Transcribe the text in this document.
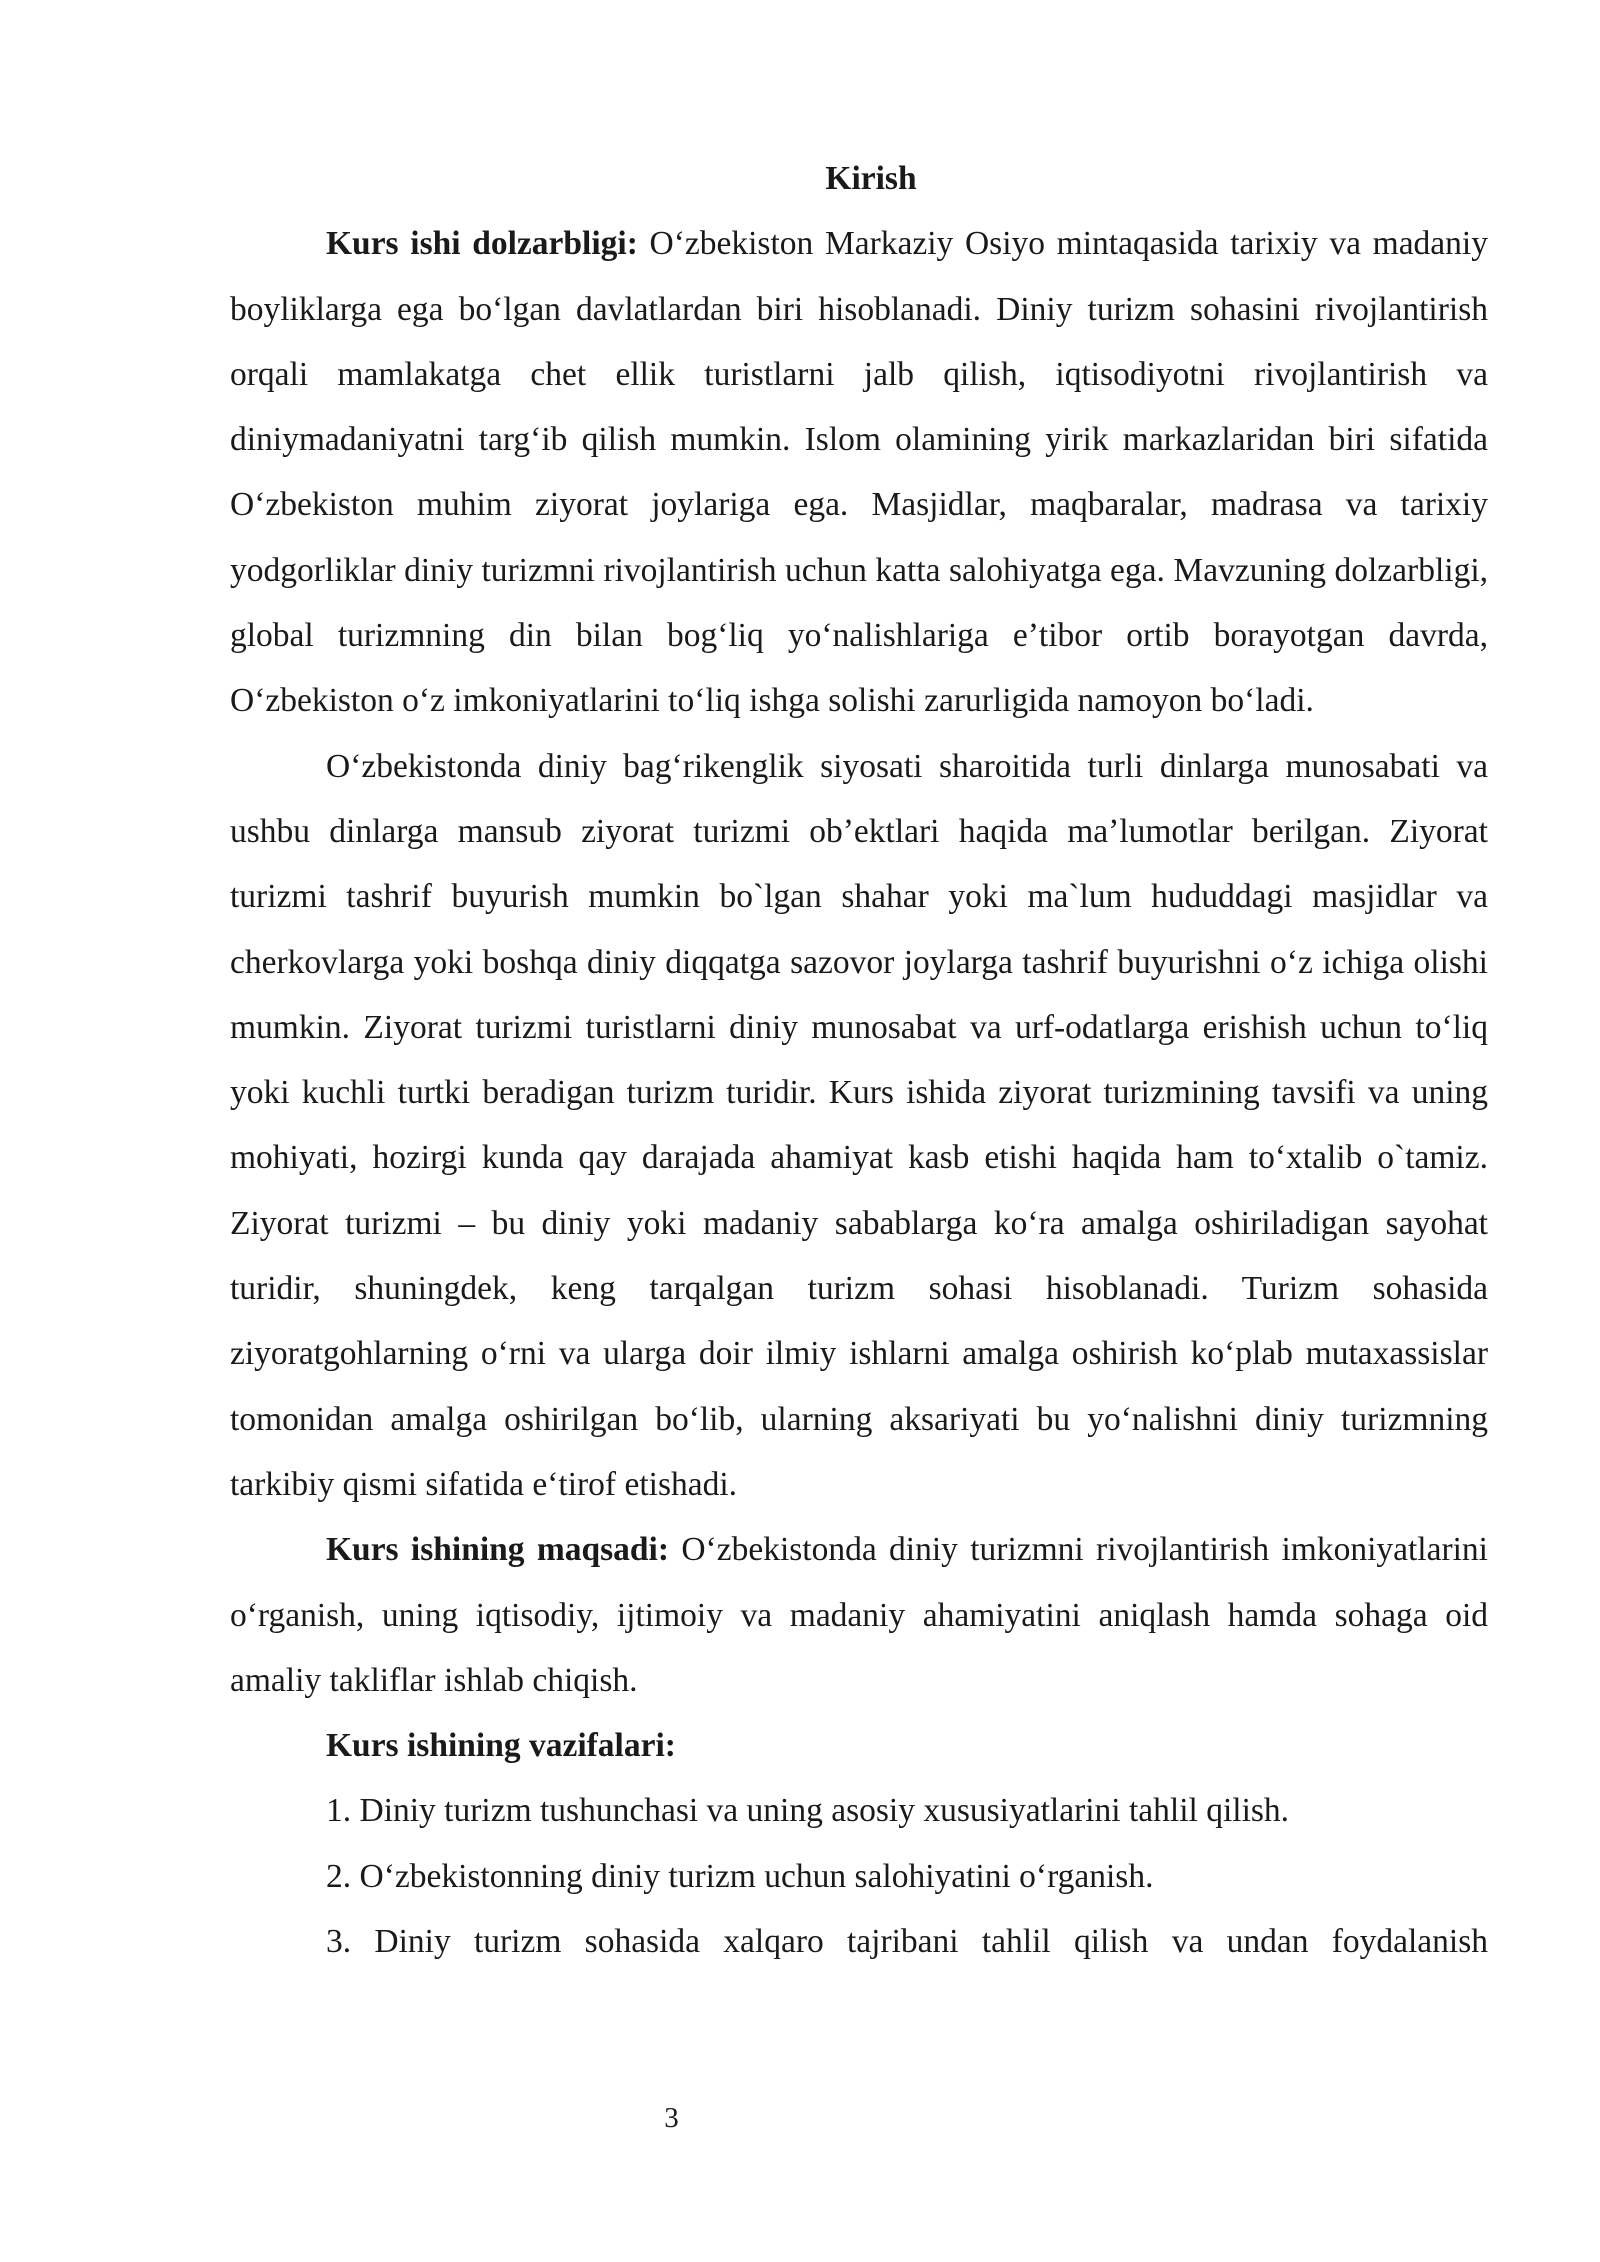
Kirish

Kurs ishi dolzarbligi: Oʻzbekiston Markaziy Osiyo mintaqasida tarixiy va madaniy boyliklarga ega boʻlgan davlatlardan biri hisoblanadi. Diniy turizm sohasini rivojlantirish orqali mamlakatga chet ellik turistlarni jalb qilish, iqtisodiyotni rivojlantirish va diniymadaniyatni targʻib qilish mumkin. Islom olamining yirik markazlaridan biri sifatida Oʻzbekiston muhim ziyorat joylariga ega. Masjidlar, maqbaralar, madrasa va tarixiy yodgorliklar diniy turizmni rivojlantirish uchun katta salohiyatga ega. Mavzuning dolzarbligi, global turizmning din bilan bogʻliq yoʻnalishlariga eʼtibor ortib borayotgan davrda, Oʻzbekiston oʻz imkoniyatlarini toʻliq ishga solishi zarurligida namoyon boʻladi.

Oʻzbekistonda diniy bagʻrikenglik siyosati sharoitida turli dinlarga munosabati va ushbu dinlarga mansub ziyorat turizmi obʼektlari haqida maʼlumotlar berilgan. Ziyorat turizmi tashrif buyurish mumkin bo`lgan shahar yoki ma`lum hududdagi masjidlar va cherkovlarga yoki boshqa diniy diqqatga sazovor joylarga tashrif buyurishni oʻz ichiga olishi mumkin. Ziyorat turizmi turistlarni diniy munosabat va urf-odatlarga erishish uchun toʻliq yoki kuchli turtki beradigan turizm turidir. Kurs ishida ziyorat turizmining tavsifi va uning mohiyati, hozirgi kunda qay darajada ahamiyat kasb etishi haqida ham toʻxtalib o`tamiz. Ziyorat turizmi – bu diniy yoki madaniy sabablarga koʻra amalga oshiriladigan sayohat turidir, shuningdek, keng tarqalgan turizm sohasi hisoblanadi. Turizm sohasida ziyoratgohlarning oʻrni va ularga doir ilmiy ishlarni amalga oshirish koʻplab mutaxassislar tomonidan amalga oshirilgan boʻlib, ularning aksariyati bu yoʻnalishni diniy turizmning tarkibiy qismi sifatida eʻtirof etishadi.

Kurs ishining maqsadi: Oʻzbekistonda diniy turizmni rivojlantirish imkoniyatlarini oʻrganish, uning iqtisodiy, ijtimoiy va madaniy ahamiyatini aniqlash hamda sohaga oid amaliy takliflar ishlab chiqish.

Kurs ishining vazifalari:
1. Diniy turizm tushunchasi va uning asosiy xususiyatlarini tahlil qilish.
2. Oʻzbekistonning diniy turizm uchun salohiyatini oʻrganish.
3. Diniy turizm sohasida xalqaro tajribani tahlil qilish va undan foydalanish
3
